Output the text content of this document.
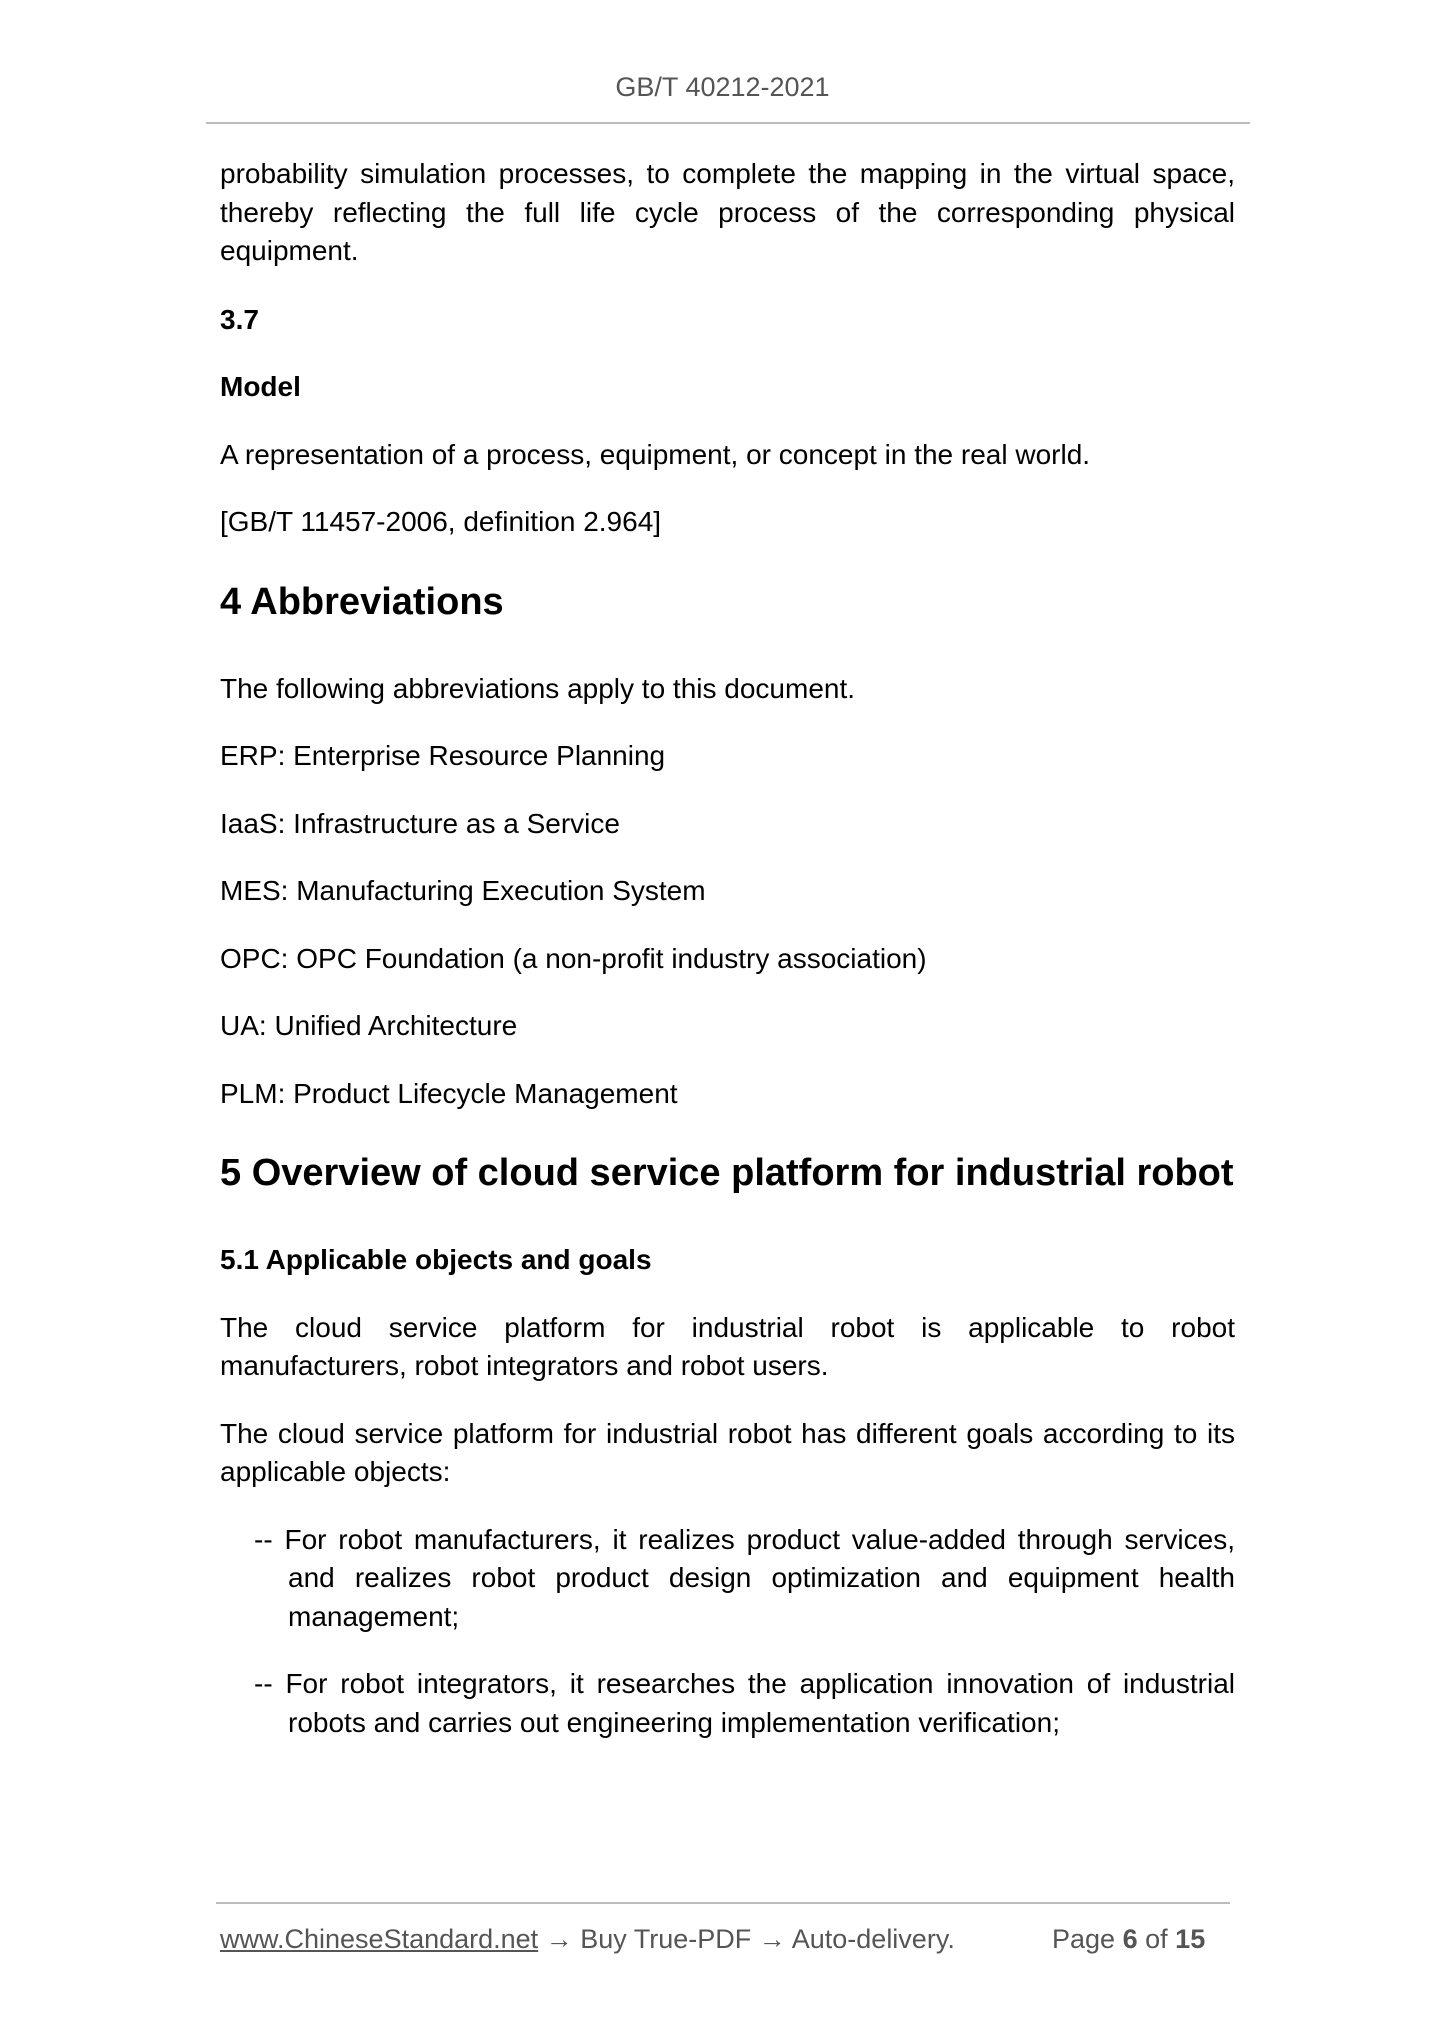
GB/T 40212-2021

probability simulation processes, to complete the mapping in the virtual space, thereby reflecting the full life cycle process of the corresponding physical equipment.

3.7

Model

A representation of a process, equipment, or concept in the real world.

[GB/T 11457-2006, definition 2.964]

4 Abbreviations

The following abbreviations apply to this document.

ERP: Enterprise Resource Planning

IaaS: Infrastructure as a Service

MES: Manufacturing Execution System

OPC: OPC Foundation (a non-profit industry association)

UA: Unified Architecture

PLM: Product Lifecycle Management

5 Overview of cloud service platform for industrial robot

5.1 Applicable objects and goals

The cloud service platform for industrial robot is applicable to robot manufacturers, robot integrators and robot users.

The cloud service platform for industrial robot has different goals according to its applicable objects:

-- For robot manufacturers, it realizes product value-added through services, and realizes robot product design optimization and equipment health management;

-- For robot integrators, it researches the application innovation of industrial robots and carries out engineering implementation verification;

www.ChineseStandard.net → Buy True-PDF → Auto-delivery.	Page 6 of 15
